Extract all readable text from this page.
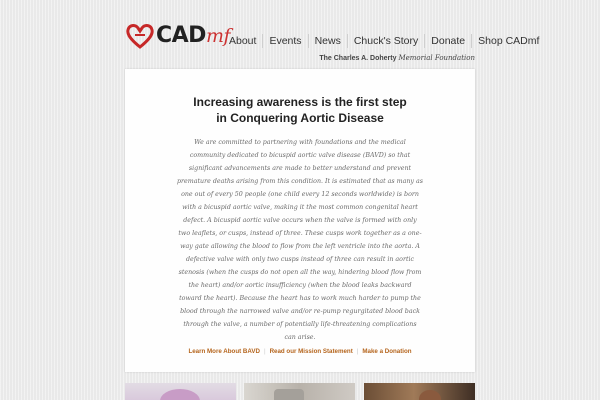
CADmf About	Events	News	Chuck's Story	Donate	Shop CADmf
The Charles A. Doherty Memorial Foundation
Increasing awareness is the first step
in Conquering Aortic Disease

We are committed to partnering with foundations and the medical community dedicated to bicuspid aortic valve disease (BAVD) so that significant advancements are made to better understand and prevent premature deaths arising from this condition. It is estimated that as many as one out of every 50 people (one child every 12 seconds worldwide) is born with a bicuspid aortic valve, making it the most common congenital heart defect. A bicuspid aortic valve occurs when the valve is formed with only two leaflets, or cusps, instead of three. These cusps work together as a one-way gate allowing the blood to flow from the left ventricle into the aorta. A defective valve with only two cusps instead of three can result in aortic stenosis (when the cusps do not open all the way, hindering blood flow from the heart) and/or aortic insufficiency (when the blood leaks backward toward the heart). Because the heart has to work much harder to pump the blood through the narrowed valve and/or re-pump regurgitated blood back through the valve, a number of potentially life-threatening complications can arise.

Learn More About BAVD | Read our Mission Statement | Make a Donation
